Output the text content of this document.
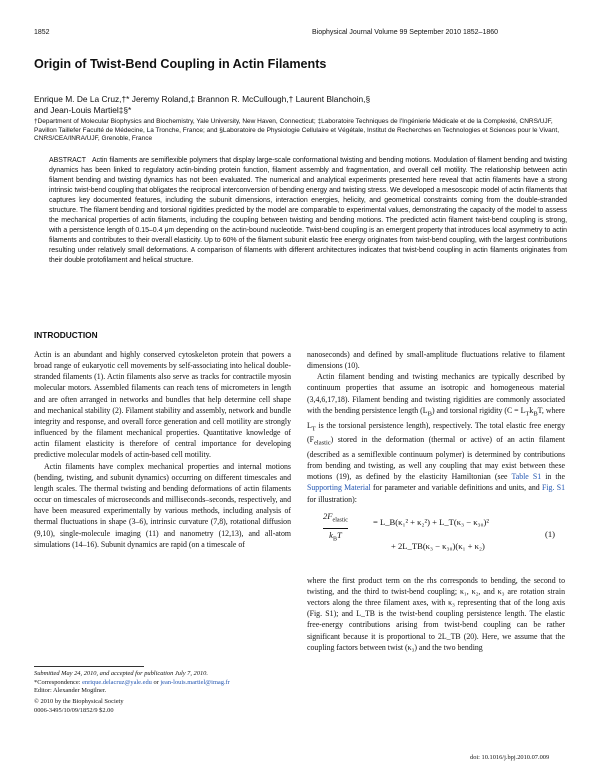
1852	Biophysical Journal Volume 99 September 2010 1852–1860
Origin of Twist-Bend Coupling in Actin Filaments
Enrique M. De La Cruz,†* Jeremy Roland,‡ Brannon R. McCullough,† Laurent Blanchoin,§
and Jean-Louis Martiel‡§*
†Department of Molecular Biophysics and Biochemistry, Yale University, New Haven, Connecticut; ‡Laboratoire Techniques de l'Ingénierie Médicale et de la Complexité, CNRS/UJF, Pavillon Taillefer Faculté de Médecine, La Tronche, France; and §Laboratoire de Physiologie Cellulaire et Végétale, Institut de Recherches en Technologies et Sciences pour le Vivant, CNRS/CEA/INRA/UJF, Grenoble, France
ABSTRACT Actin filaments are semiflexible polymers that display large-scale conformational twisting and bending motions. Modulation of filament bending and twisting dynamics has been linked to regulatory actin-binding protein function, filament assembly and fragmentation, and overall cell motility. The relationship between actin filament bending and twisting dynamics has not been evaluated. The numerical and analytical experiments presented here reveal that actin filaments have a strong intrinsic twist-bend coupling that obligates the reciprocal interconversion of bending energy and twisting stress. We developed a mesoscopic model of actin filaments that captures key documented features, including the subunit dimensions, interaction energies, helicity, and geometrical constraints coming from the double-stranded structure. The filament bending and torsional rigidities predicted by the model are comparable to experimental values, demonstrating the capacity of the model to assess the mechanical properties of actin filaments, including the coupling between twisting and bending motions. The predicted actin filament twist-bend coupling is strong, with a persistence length of 0.15–0.4 μm depending on the actin-bound nucleotide. Twist-bend coupling is an emergent property that introduces local asymmetry to actin filaments and contributes to their overall elasticity. Up to 60% of the filament subunit elastic free energy originates from twist-bend coupling, with the largest contributions resulting under relatively small deformations. A comparison of filaments with different architectures indicates that twist-bend coupling in actin filaments originates from their double protofilament and helical structure.
INTRODUCTION

Actin is an abundant and highly conserved cytoskeleton protein that powers a broad range of eukaryotic cell movements by self-associating into helical double-stranded filaments (1). Actin filaments also serve as tracks for contractile myosin molecular motors. Assembled filaments can reach tens of micrometers in length and are often arranged in networks and bundles that help determine cell shape and mechanical stability (2). Filament stability and assembly, network and bundle integrity and response, and overall force generation and cell motility are strongly influenced by the filament mechanical properties. Quantitative knowledge of actin filament elasticity is therefore of central importance for developing predictive molecular models of actin-based cell motility.

Actin filaments have complex mechanical properties and internal motions (bending, twisting, and subunit dynamics) occurring on different timescales and length scales. The thermal twisting and bending deformations of actin filaments occur on timescales of microseconds and milliseconds–seconds, respectively, and have been measured experimentally by various methods, including analysis of thermal fluctuations in shape (3–6), intrinsic curvature (7,8), rotational diffusion (9,10), single-molecule imaging (11) and nanometry (12,13), and all-atom simulations (14–16). Subunit dynamics are rapid (on a timescale of

nanoseconds) and defined by small-amplitude fluctuations relative to filament dimensions (10).

Actin filament bending and twisting mechanics are typically described by continuum properties that assume an isotropic and homogeneous material (3,4,6,17,18). Filament bending and twisting rigidities are commonly associated with the bending persistence length $(L_B)$ and torsional rigidity ($C = L_Tk_BT$, where $L_T$ is the torsional persistence length), respectively. The total elastic free energy $(F_{elastic})$ stored in the deformation (thermal or active) of an actin filament (described as a semiflexible continuum polymer) is determined by contributions from bending and twisting, as well any coupling that may exist between these motions (19), as defined by the elasticity Hamiltonian (see Table S1 in the Supporting Material for parameter and variable definitions and units, and Fig. S1 for illustration):

$2F_{elastic}$
$k_BT$
= L_B(κ₁² + κ₂²) + L_T(κ₃ − κ₃₀)²
+ 2L_TB(κ₃ − κ₃₀)(κ₁ + κ₂)
(1)

where the first product term on the rhs corresponds to bending, the second to twisting, and the third to twist-bend coupling; κ₁, κ₂, and κ₃ are rotation strain vectors along the three filament axes, with κ₃ representing that of the long axis (Fig. S1); and L_TB is the twist-bend coupling persistence length. The elastic free-energy contributions arising from twist-bend coupling can be rather significant because it is proportional to 2L_TB (20). Here, we assume that the coupling factors between twist (κ₃) and the two bending

Submitted May 24, 2010, and accepted for publication July 7, 2010.
*Correspondence: enrique.delacruz@yale.edu or jean-louis.martiel@imag.fr
Editor: Alexander Mogilner.
© 2010 by the Biophysical Society
0006-3495/10/09/1852/9 $2.00
doi: 10.1016/j.bpj.2010.07.009
